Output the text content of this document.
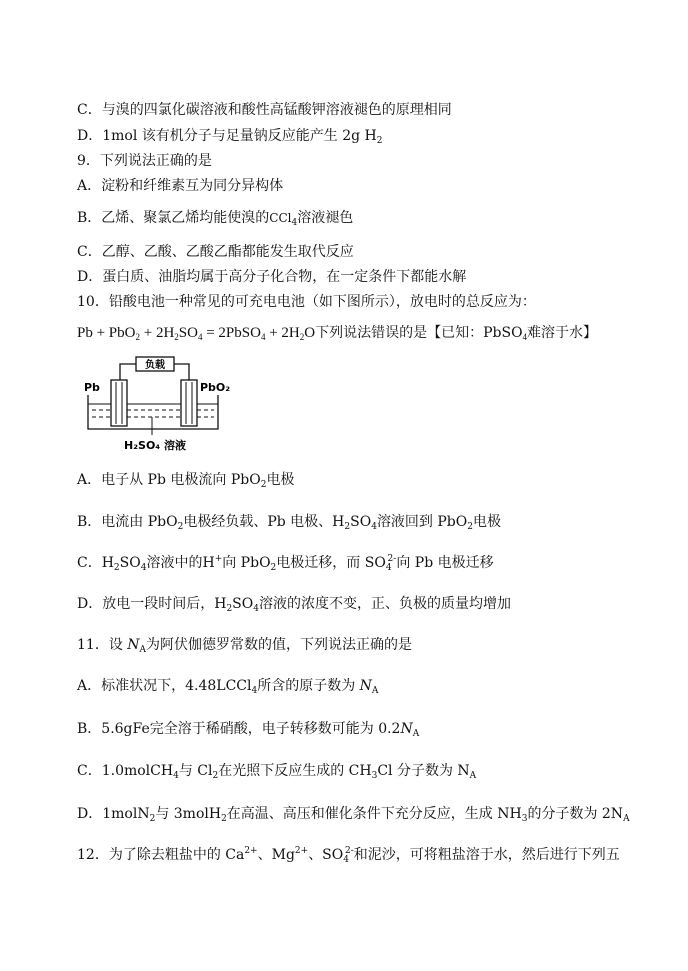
C．与溴的四氯化碳溶液和酸性高锰酸钾溶液褪色的原理相同
D．1mol 该有机分子与足量钠反应能产生 2g $H_2$
9．下列说法正确的是
A．淀粉和纤维素互为同分异构体
B．乙烯、聚氯乙烯均能使溴的CCl$_4$溶液褪色
C．乙醇、乙酸、乙酸乙酯都能发生取代反应
D．蛋白质、油脂均属于高分子化合物，在一定条件下都能水解
10．铅酸电池一种常见的可充电电池（如下图所示），放电时的总反应为：
$Pb + PbO_2 + 2H_2SO_4$ = 2PbSO$_4$ + $2H_2O$下列说法错误的是【已知：PbSO$_4$难溶于水】
负载
Pb	PbO₂
H₂SO₄ 溶液
A．电子从 Pb 电极流向 PbO$_2$电极
B．电流由 PbO$_2$电极经负载、Pb 电极、$H_2SO_4$溶液回到 PbO$_2$电极
C．$H_2SO_4$溶液中的H+向 PbO$_2$电极迁移，而 $SO_4^{2-}$向 Pb 电极迁移
D．放电一段时间后，$H_2SO_4$溶液的浓度不变，正、负极的质量均增加
11．设 $N_A$为阿伏伽德罗常数的值，下列说法正确的是
A．标准状况下，4.48LCCl$_4$所含的原子数为 $N_A$
B．5.6gFe完全溶于稀硝酸，电子转移数可能为 $0.2N_A$
C．1.0molCH$_4$与 $Cl_2$在光照下反应生成的 $CH_3Cl$ 分子数为 $N_A$
D．1molN$_2$与 3molH$_2$在高温、高压和催化条件下充分反应，生成 $NH_3$的分子数为 $2N_A$
12．为了除去粗盐中的 $Ca^{2+}$、$Mg^{2+}$、$SO_4^{2-}$和泥沙，可将粗盐溶于水，然后进行下列五
